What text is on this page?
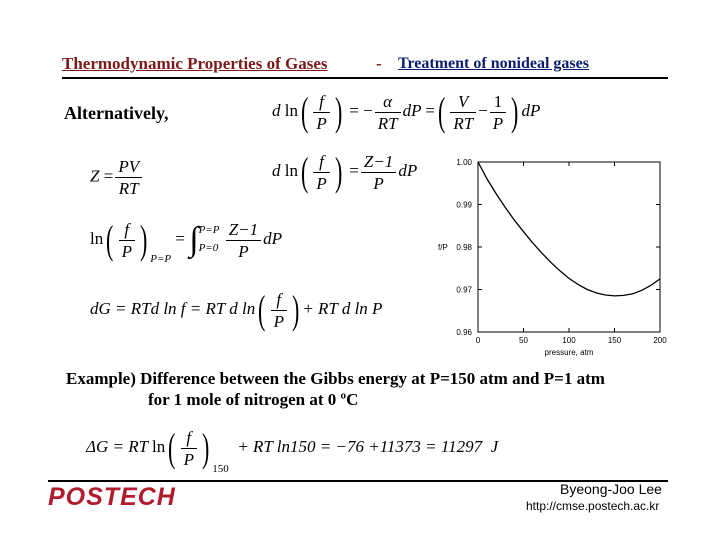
Thermodynamic Properties of Gases	- Treatment of nonideal gases
Alternatively,	d $\ln( \frac{f}{P}$ ) = − $\frac{\alpha}{RT}$ dP =( $\frac{V}{RT} - \frac{1}{P}$ ) dP
$Z = \frac{PV}{RT}$	d $\ln( \frac{f}{P}$ ) = $\frac{Z-1}{P}$ dP
$\ln( \frac{f}{P}$ ) $_{P=P}$ = ∫ P=P
P=0
$\frac{Z-1}{P}$ dP
dG = RTd ln f = RT d $\ln( \frac{f}{P}$ ) + RT d ln P
0	50	100	150	200
0.96
0.97
0.98
0.99
1.00
pressure, atm
f/P
Example) Difference between the Gibbs energy at P=150 atm and P=1 atm
for 1 mole of nitrogen at 0 ºC
ΔG = RT $\ln( \frac{f}{P}$ ) $_{150}$  + RT ln150 = −76 +11373 = 11297 J
POSTECH	Byeong-Joo Lee
http://cmse.postech.ac.kr
